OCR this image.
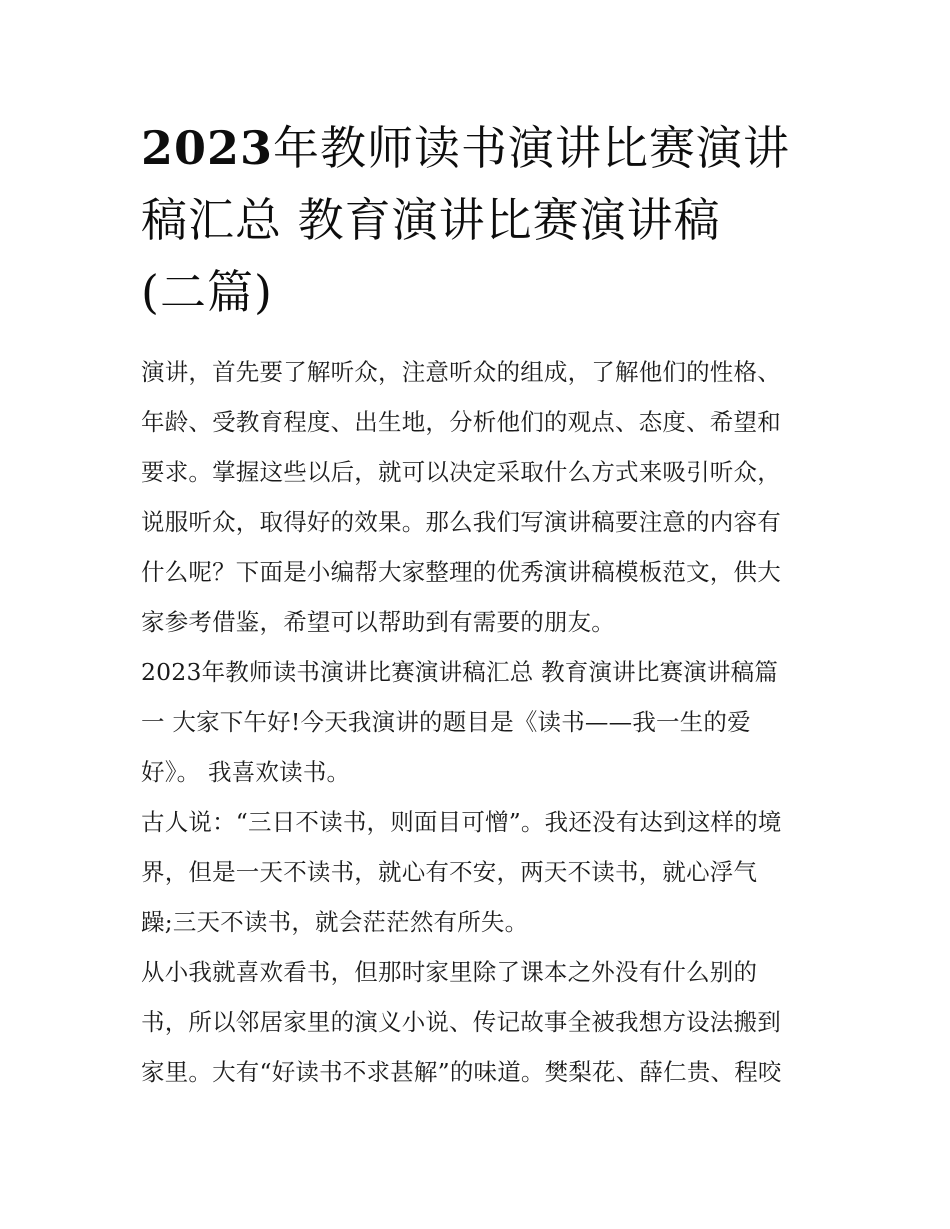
2023年教师读书演讲比赛演讲
稿汇总 教育演讲比赛演讲稿
(二篇)

演讲，首先要了解听众，注意听众的组成，了解他们的性格、
年龄、受教育程度、出生地，分析他们的观点、态度、希望和
要求。掌握这些以后，就可以决定采取什么方式来吸引听众，
说服听众，取得好的效果。那么我们写演讲稿要注意的内容有
什么呢？下面是小编帮大家整理的优秀演讲稿模板范文，供大
家参考借鉴，希望可以帮助到有需要的朋友。

2023年教师读书演讲比赛演讲稿汇总 教育演讲比赛演讲稿篇
一 大家下午好!今天我演讲的题目是《读书——我一生的爱
好》。 我喜欢读书。

古人说：“三日不读书，则面目可憎”。我还没有达到这样的境
界，但是一天不读书，就心有不安，两天不读书，就心浮气
躁;三天不读书，就会茫茫然有所失。

从小我就喜欢看书，但那时家里除了课本之外没有什么别的
书，所以邻居家里的演义小说、传记故事全被我想方设法搬到
家里。大有“好读书不求甚解”的味道。樊梨花、薛仁贵、程咬
